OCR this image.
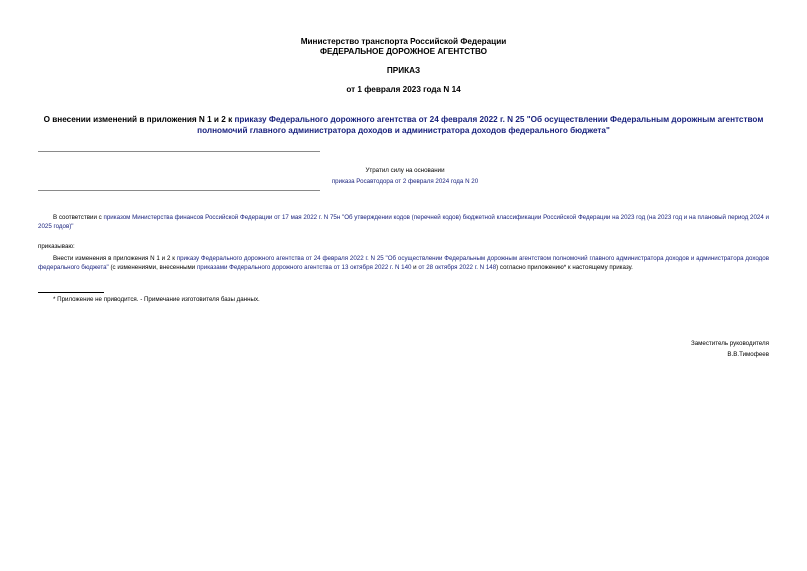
Министерство транспорта Российской Федерации
ФЕДЕРАЛЬНОЕ ДОРОЖНОЕ АГЕНТСТВО
ПРИКАЗ
от 1 февраля 2023 года N 14
О внесении изменений в приложения N 1 и 2 к приказу Федерального дорожного агентства от 24 февраля 2022 г. N 25 "Об осуществлении Федеральным дорожным агентством полномочий главного администратора доходов и администратора доходов федерального бюджета"
Утратил силу на основании
приказа Росавтодора от 2 февраля 2024 года N 20
В соответствии с приказом Министерства финансов Российской Федерации от 17 мая 2022 г. N 75н "Об утверждении кодов (перечней кодов) бюджетной классификации Российской Федерации на 2023 год (на 2023 год и на плановый период 2024 и 2025 годов)"
приказываю:
Внести изменения в приложения N 1 и 2 к приказу Федерального дорожного агентства от 24 февраля 2022 г. N 25 "Об осуществлении Федеральным дорожным агентством полномочий главного администратора доходов и администратора доходов федерального бюджета" (с изменениями, внесенными приказами Федерального дорожного агентства от 13 октября 2022 г. N 140 и от 28 октября 2022 г. N 148) согласно приложению* к настоящему приказу.
* Приложение не приводится. - Примечание изготовителя базы данных.
Заместитель руководителя
В.В.Тимофеев
